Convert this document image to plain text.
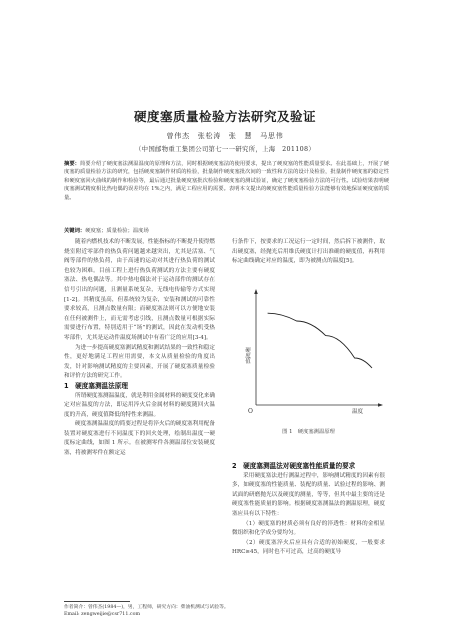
硬度塞质量检验方法研究及验证
曾伟杰　张松涛　张　慧　马思伟
（中国邮物重工集团公司第七一一研究所，上海　201108）
摘要：简要介绍了硬度塞法测温温度的原理和方法，同时根据硬度塞法的使用要求，提出了硬度塞的性能质量要求。在此基础上，开展了硬度塞的质量检验方法的研究，包括硬度塞制作材质的检验，批量制作硬度塞批次间的一致性和方法的设计及检验，批量制作硬度塞的稳定性和硬度塞回火曲线的制作和检验等，最后通过批量硬度塞批次检验和硬度塞的测试验证，确定了硬度塞检验方法的可行性。试验结果表明硬度塞测试精度相比热电偶的误差均在 1%之内，满足工程应用的需要。表明本文提出的硬度塞性能质量检验方法能够有效地保证硬度塞的质量。
关键词：硬度塞；质量检验；温度场

随着内燃机技术的不断发展，性能指标的不断提升使得燃烧室附近零部件的热负荷问题越来越突出，尤其是活塞、气阀等部件的热负荷，由于高速的运动对其进行热负荷的测试也较为困难。目前工程上进行热负荷测试的方法主要有硬度塞法、热电偶法等。其中热电偶法对于运动部件的测试存在信号引出的问题，且测量系统复杂，无线电传输等方式实现[1-2]。其精度虽高，但系统较为复杂，安装和测试的可靠性要求较高，且测点数量有限；而硬度塞法则可以方便地安装在任何被测件上，而无需考虑引线，且测点数量可根据实际需要进行布置，特别适用于“场”的测试，因此在发动机受热零部件，尤其是运动件温度场测试中有着广泛的应用[3-4]。

为进一步提高硬度塞测试精度和测试结果的一致性和稳定性，更好地满足工程应用需要，本文从质量检验的角度出发，针对影响测试精度的主要因素，开展了硬度塞质量检验和评价方法的研究工作。

1　硬度塞测温法原理

所谓硬度塞测温温度，就是利用金属材料的硬度变化来确定对应温度的方法，即运用淬火后金属材料的硬度随回火温度的升高，硬度值降低的特性来测温。

硬度塞测温温度的简要过程是将淬火后的硬度塞利用配备装置对硬度塞进行不同温度下的回火处理，绘制出温度一硬度标定曲线，如图 1 所示。在被测零件各测温部位安装硬度塞，将被测零件在额定运

行条件下，按要求的工况运行一定时间，然后拆下被测件，取出硬度塞，经抛光后用维氏硬度计打出准确的硬度值，再利用标定曲线确定对应的温度，即为被测点的温度[5]。

硬度值
温度
O
图 1　硬度塞测温原理

2　硬度塞测温法对硬度塞性能质量的要求

采用硬度塞法进行测温过程中，影响测试精度的因素有很多，如硬度塞的性能质量、装配的质量、试验过程的影响、测试面的研磨抛光以及硬度的测量，等等，但其中最主要的还是硬度塞性能质量的影响。根据硬度塞测温法的测温原理，硬度塞应具有以下特性：

（1）硬度塞的材质必须有良好的淬透性：材料的金相显微组织和化学成分要均匀。

（2）硬度塞淬火后应具有合适的初始硬度，一般要求 HRC≥45，同时也不可过高，过高的硬度导

作者简介：曾伟杰(1984—)，男，工程师，研究方向：柴油机测试与试验等。
Email: zengweijie@csr711.com
